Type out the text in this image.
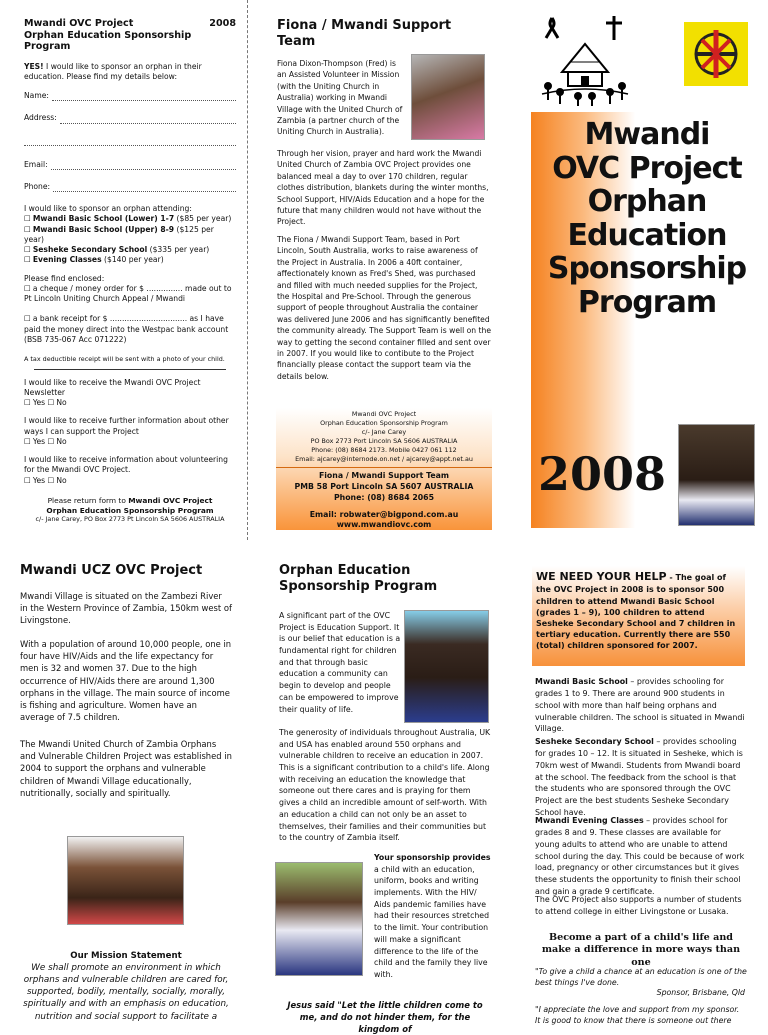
Mwandi OVC Project	2008
Orphan Education Sponsorship Program

YES! I would like to sponsor an orphan in their education. Please find my details below:

Name:
Address:
Email:
Phone:

I would like to sponsor an orphan attending:

☐ Mwandi Basic School (Lower) 1-7 ($85 per year)
☐ Mwandi Basic School (Upper) 8-9 ($125 per year)
☐ Sesheke Secondary School ($335 per year)
☐ Evening Classes ($140 per year)

Please find enclosed:

☐ a cheque / money order for $ ............... made out to Pt Lincoln Uniting Church Appeal / Mwandi
☐ a bank receipt for $ ................................ as I have paid the money direct into the Westpac bank account (BSB 735-067 Acc 071222)

A tax deductible receipt will be sent with a photo of your child.

I would like to receive the Mwandi OVC Project Newsletter

☐ Yes ☐ No

I would like to receive further information about other ways I can support the Project

☐ Yes ☐ No

I would like to receive information about volunteering for the Mwandi OVC Project.

☐ Yes ☐ No
Please return form to Mwandi OVC Project
Orphan Education Sponsorship Program
c/- Jane Carey, PO Box 2773 Pt Lincoln SA 5606 AUSTRALIA
Fiona / Mwandi Support Team
Fiona Dixon-Thompson (Fred) is an Assisted Volunteer in Mission (with the Uniting Church in Australia) working in Mwandi Village with the United Church of Zambia (a partner church of the Uniting Church in Australia).
Through her vision, prayer and hard work the Mwandi United Church of Zambia OVC Project provides one balanced meal a day to over 170 children, regular clothes distribution, blankets during the winter months, School Support, HIV/Aids Education and a hope for the future that many children would not have without the Project.
The Fiona / Mwandi Support Team, based in Port Lincoln, South Australia, works to raise awareness of the Project in Australia. In 2006 a 40ft container, affectionately known as Fred's Shed, was purchased and filled with much needed supplies for the Project, the Hospital and Pre-School. Through the generous support of people throughout Australia the container was delivered June 2006 and has significantly benefited the community already. The Support Team is well on the way to getting the second container filled and sent over in 2007. If you would like to contibute to the Project financially please contact the support team via the details below.
Mwandi OVC Project
Orphan Education Sponsorship Program
c/- Jane Carey
PO Box 2773 Port Lincoln SA 5606 AUSTRALIA
Phone: (08) 8684 2173. Mobile 0427 061 112
Email: ajcarey@internode.on.net / ajcarey@appt.net.au
Fiona / Mwandi Support Team
PMB 58 Port Lincoln SA 5607 AUSTRALIA
Phone: (08) 8684 2065
Email: robwater@bigpond.com.au
www.mwandiovc.com
Mwandi
OVC Project
Orphan
Education
Sponsorship
Program
2008
Mwandi UCZ OVC Project
Mwandi Village is situated on the Zambezi River in the Western Province of Zambia, 150km west of Livingstone.
With a population of around 10,000 people, one in four have HIV/Aids and the life expectancy for men is 32 and women 37. Due to the high occurrence of HIV/Aids there are around 1,300 orphans in the village. The main source of income is fishing and agriculture. Women have an average of 7.5 children.
The Mwandi United Church of Zambia Orphans and Vulnerable Children Project was established in 2004 to support the orphans and vulnerable children of Mwandi Village educationally, nutritionally, socially and spiritually.
Our Mission Statement
We shall promote an environment in which orphans and vulnerable children are cared for, supported, bodily, mentally, socially, morally, spiritually and with an emphasis on education, nutrition and social support to facilitate a
Orphan Education Sponsorship Program
A significant part of the OVC Project is Education Support. It is our belief that education is a fundamental right for children and that through basic education a community can begin to develop and people can be empowered to improve their quality of life.
The generosity of individuals throughout Australia, UK and USA has enabled around 550 orphans and vulnerable children to receive an education in 2007. This is a significant contribution to a child's life. Along with receiving an education the knowledge that someone out there cares and is praying for them gives a child an incredible amount of self-worth. With an education a child can not only be an asset to themselves, their families and their communities but to the country of Zambia itself.
Your sponsorship provides a child with an education, uniform, books and writing implements. With the HIV/ Aids pandemic families have had their resources stretched to the limit. Your contribution will make a significant difference to the life of the child and the family they live with.
Jesus said "Let the little children come to me, and do not hinder them, for the kingdom of
WE NEED YOUR HELP - The goal of the OVC Project in 2008 is to sponsor 500 children to attend Mwandi Basic School (grades 1 – 9), 100 children to attend Sesheke Secondary School and 7 children in tertiary education. Currently there are 550 (total) children sponsored for 2007.
Mwandi Basic School – provides schooling for grades 1 to 9. There are around 900 students in school with more than half being orphans and vulnerable children. The school is situated in Mwandi Village.
Sesheke Secondary School – provides schooling for grades 10 – 12. It is situated in Sesheke, which is 70km west of Mwandi. Students from Mwandi board at the school. The feedback from the school is that the students who are sponsored through the OVC Project are the best students Sesheke Secondary School have.
Mwandi Evening Classes – provides school for grades 8 and 9. These classes are available for young adults to attend who are unable to attend school during the day. This could be because of work load, pregnancy or other circumstances but it gives these students the opportunity to finish their school and gain a grade 9 certificate.
The OVC Project also supports a number of students to attend college in either Livingstone or Lusaka.
Become a part of a child's life and make a difference in more ways than one
"To give a child a chance at an education is one of the best things I've done.
Sponsor, Brisbane, Qld
"I appreciate the love and support from my sponsor. It is good to know that there is someone out there
